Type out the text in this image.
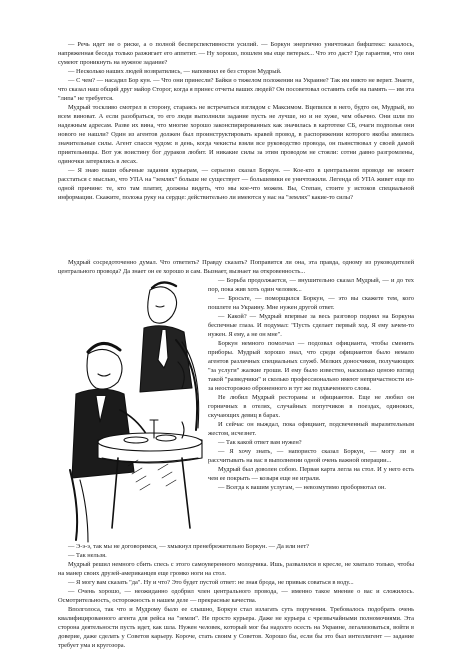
— Речь идет не о риске, а о полной бесперспективности усилий. — Боркун энергично уничтожал бифштекс: казалось, напряженная беседа только разжигает его аппетит. — Ну хорошо, пошлем мы еще пятерых... Что это даст? Где гарантия, что они сумеют проникнуть на нужное задание?

— Несколько наших людей возвратились, — напомнил ее без сторон Мудрый.

— С чем? — насадил Бор кун. — Что они принесли? Байки о тяжелом положении на Украине? Так им никто не верит. Знаете, что сказал наш общий друг майор Сторог, когда я принес отчеты ваших людей? Он посоветовал оставить себе на память — им эта "липа" не требуется.

Мудрый тоскливо смотрел в сторону, стараясь не встречаться взглядом с Максимом. Вцепился в него, будто он, Мудрый, во всем виноват. А если разобраться, то его люди выполнили задание пусть не лучше, но и не хуже, чем обычно. Они шли по надежным адресам. Разве их вина, что многие хорошо законспирированных как значилась в картотеке СБ, очаги подполья они нового не нашли? Один из агентов должен был проинструктировать кравей провод, в распоряжении которого якобы имелись значительные силы. Агент спасся чудом: в день, когда чекисты взяли все руководство провода, он пьянствовал у своей дамой приятельницы. Вот уж воистину бог дураков любит. И никакие силы за этим проводом не стояли: сотни давно разгромлены, одиночки затерялись в лесах.

— Я знаю ваши обычные задания курьерам, — серьезно сказал Боркун. — Кое-кто в центральном проводе не может расстаться с мыслью, что УПА на "землях" больше не существует — большевики ее уничтожили. Легенда об УПА живет еще по одной причине: те, кто там платит, должны видеть, что мы кое-что можем. Вы, Степан, стоите у истоков специальной информации. Скажите, положа руку на сердце: действительно ли имеются у нас на "землях" какие-то силы?

Мудрый сосредоточенно думал. Что ответить? Правду сказать? Поправится ли она, эта правда, одному из руководителей центрального провода? Да знает он ее хорошо и сам. Вызнает, вызнает на откровенность...

— Борьба продолжается, — внушительно сказал Мудрый, — и до тех пор, пока жив хоть один человек...

— Бросьте, — поморщился Боркун, — это вы скажете тем, кого пошлете на Украину. Мне нужен другой ответ.

— Какой? — Мудрый впервые за весь разговор поднял на Боркуна беспечные глаза. И подумал: "Пусть сделает первый ход. Я ему зачем-то нужен. Я ему, а не он мне".

Боркун немного помолчал — подозвал официанта, чтобы сменить приборы. Мудрый хорошо знал, что среди официантов было немало агентов различных специальных служб. Мелких доносчиков, получающих "за услуги" жалкие гроши. И ему было известно, насколько ценою взгляд такой "разведчики" и сколько профессионально имеют непричастности из-за неосторожно оброненного и тут же подхваченного слова.

Не любил Мудрый рестораны и официантов. Еще не любил он горничных в отелях, случайных попутчиков в поездах, одиноких, скучающих девиц в барах.

И сейчас он выждал, пока официант, подсвеченный выразительным жестом, исчезнет.

— Так какой ответ вам нужен?

— Я хочу знать, — напористо сказал Боркун, — могу ли я рассчитывать на вас в выполнении одной очень важной операции...

Мудрый был доволен собою. Первая карта легла на стол. И у него есть чем ее покрыть — козыря еще не играли.

— Всегда к вашим услугам, — невозмутимо пробормотал он.

— Э-э-э, так мы не договоримся, — хмыкнул пренебрежительно Боркун. — Да или нет?

— Так нельзя.

Мудрый решил немного сбить спесь с этого самоуверенного молодчика. Ишь, развалился в кресле, не хватало только, чтобы на манер своих друзей-американцев еще громко ноги на стол.

— Я могу вам сказать "да". Ну и что? Это будет пустой ответ: не зная брода, не привык соваться в воду...

— Очень хорошо, — неожиданно одобрил член центрального провода, — именно такое мнение о вас и сложилось. Осмотрительность, осторожность в нашем деле — прекрасные качества.

Вполголоса, так что и Мудрому было ее слышно, Боркун стал излагать суть поручения. Требовалось подобрать очень квалифицированного агента для рейса на "земли". Не просто курьера. Даже не курьера с чрезвычайными полномочиями. Эта сторона деятельности пусть идет, как шла. Нужен человек, который мог бы надолго осесть на Украине, легализоваться, войти в доверие, даже сделать у Советов карьеру. Короче, стать своим у Советов. Хорошо бы, если бы это был интеллигент — задание требует ума и кругозора.
